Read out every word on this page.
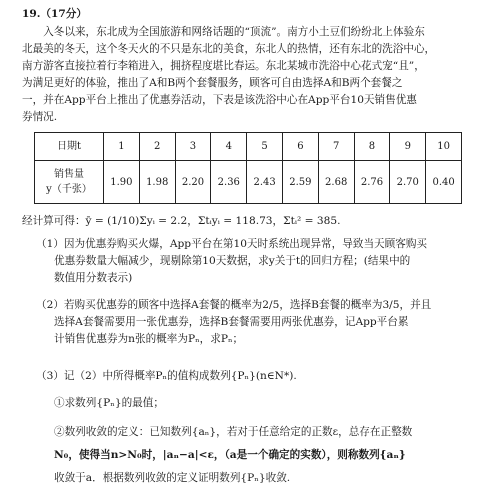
19.（17分）
入冬以来，东北成为全国旅游和网络话题的“顶流”。南方小土豆们纷纷北上体验东
北最美的冬天，这个冬天火的不只是东北的美食，东北人的热情，还有东北的洗浴中心，
南方游客直接拉着行李箱进入，拥挤程度堪比春运。东北某城市洗浴中心花式宠“且”，
为满足更好的体验，推出了A和B两个套餐服务，顾客可自由选择A和B两个套餐之
一，并在App平台上推出了优惠券活动，下表是该洗浴中心在App平台10天销售优惠
券情况.
日期t	1	2	3	4	5	6	7	8	9	10

销售量
y（千张）	1.90	1.98	2.20	2.36	2.43	2.59	2.68	2.76	2.70	0.40
经计算可得：ȳ = (1/10)Σyᵢ = 2.2，Σtᵢyᵢ = 118.73，Σtᵢ² = 385.
（1）因为优惠券购买火爆，App平台在第10天时系统出现异常，导致当天顾客购买
优惠券数量大幅减少，现剔除第10天数据，求y关于t的回归方程；(结果中的
数值用分数表示)
（2）若购买优惠券的顾客中选择A套餐的概率为2/5，选择B套餐的概率为3/5，并且
选择A套餐需要用一张优惠券，选择B套餐需要用两张优惠券，记App平台累
计销售优惠券为n张的概率为Pₙ，求Pₙ；
（3）记（2）中所得概率Pₙ的值构成数列{Pₙ}(n∈N*).
①求数列{Pₙ}的最值；
②数列收敛的定义：已知数列{aₙ}，若对于任意给定的正数ε，总存在正整数
N₀，使得当n>N₀时，|aₙ−a|<ε，（a是一个确定的实数），则称数列{aₙ}
收敛于a．根据数列收敛的定义证明数列{Pₙ}收敛.
